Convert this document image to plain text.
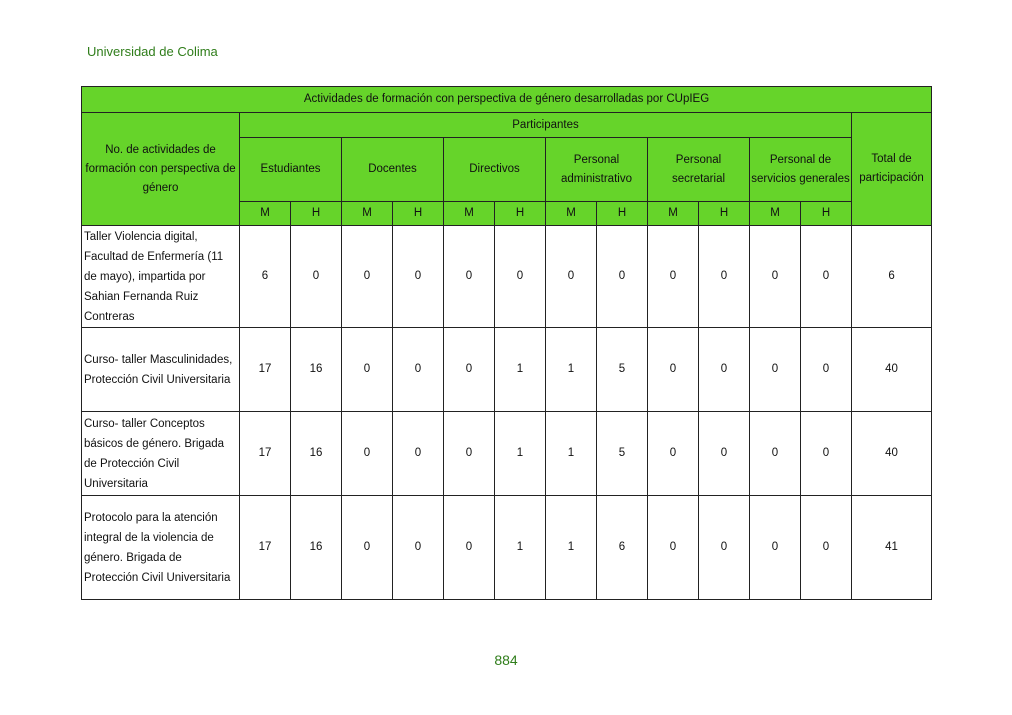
Universidad de Colima
Actividades de formación con perspectiva de género desarrolladas por CUpIEG													
No. de actividades de formación con perspectiva de género	Participantes												Total de participación
	Estudiantes		Docentes		Directivos		Personal administrativo		Personal secretarial		Personal de servicios generales		
	M	H	M	H	M	H	M	H	M	H	M	H	
Taller Violencia digital, Facultad de Enfermería (11 de mayo), impartida por Sahian Fernanda Ruiz Contreras	6	0	0	0	0	0	0	0	0	0	0	0	6
Curso- taller Masculinidades, Protección Civil Universitaria	17	16	0	0	0	1	1	5	0	0	0	0	40
Curso- taller Conceptos básicos de género. Brigada de Protección Civil Universitaria	17	16	0	0	0	1	1	5	0	0	0	0	40
Protocolo para la atención integral de la violencia de género. Brigada de Protección Civil Universitaria	17	16	0	0	0	1	1	6	0	0	0	0	41
884
